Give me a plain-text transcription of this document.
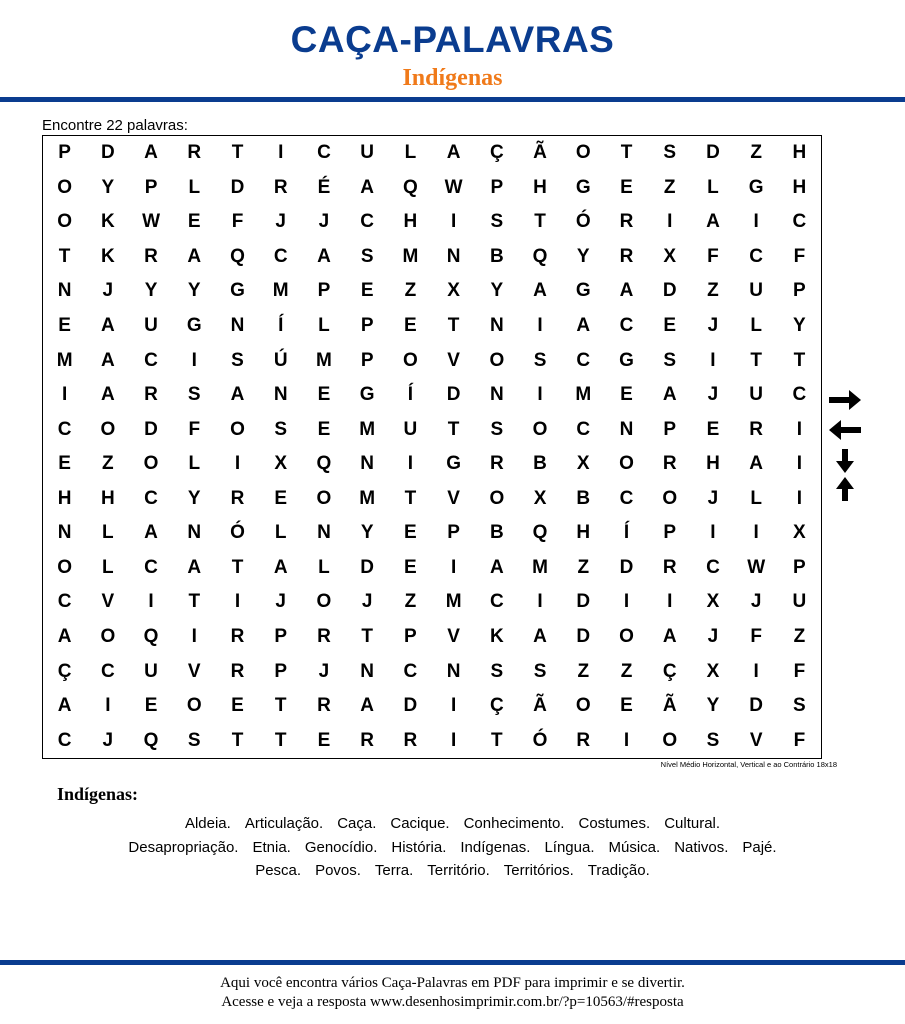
CAÇA-PALAVRAS
Indígenas
Encontre 22 palavras:
P	D	A	R	T	I	C	U	L	A	Ç	Ã	O	T	S	D	Z	H
O	Y	P	L	D	R	É	A	Q	W	P	H	G	E	Z	L	G	H
O	K	W	E	F	J	J	C	H	I	S	T	Ó	R	I	A	I	C
T	K	R	A	Q	C	A	S	M	N	B	Q	Y	R	X	F	C	F
N	J	Y	Y	G	M	P	E	Z	X	Y	A	G	A	D	Z	U	P
E	A	U	G	N	Í	L	P	E	T	N	I	A	C	E	J	L	Y
M	A	C	I	S	Ú	M	P	O	V	O	S	C	G	S	I	T	T
I	A	R	S	A	N	E	G	Í	D	N	I	M	E	A	J	U	C
C	O	D	F	O	S	E	M	U	T	S	O	C	N	P	E	R	I
E	Z	O	L	I	X	Q	N	I	G	R	B	X	O	R	H	A	I
H	H	C	Y	R	E	O	M	T	V	O	X	B	C	O	J	L	I
N	L	A	N	Ó	L	N	Y	E	P	B	Q	H	Í	P	I	I	X
O	L	C	A	T	A	L	D	E	I	A	M	Z	D	R	C	W	P
C	V	I	T	I	J	O	J	Z	M	C	I	D	I	I	X	J	U
A	O	Q	I	R	P	R	T	P	V	K	A	D	O	A	J	F	Z
Ç	C	U	V	R	P	J	N	C	N	S	S	Z	Z	Ç	X	I	F
A	I	E	O	E	T	R	A	D	I	Ç	Ã	O	E	Ã	Y	D	S
C	J	Q	S	T	T	E	R	R	I	T	Ó	R	I	O	S	V	F
Nível Médio Horizontal, Vertical e ao Contrário 18x18
Indígenas:
Aldeia. Articulação. Caça. Cacique. Conhecimento. Costumes. Cultural.
Desapropriação. Etnia. Genocídio. História. Indígenas. Língua. Música. Nativos. Pajé.
Pesca. Povos. Terra. Território. Territórios. Tradição.
Aqui você encontra vários Caça-Palavras em PDF para imprimir e se divertir.
Acesse e veja a resposta www.desenhosimprimir.com.br/?p=10563/#resposta
